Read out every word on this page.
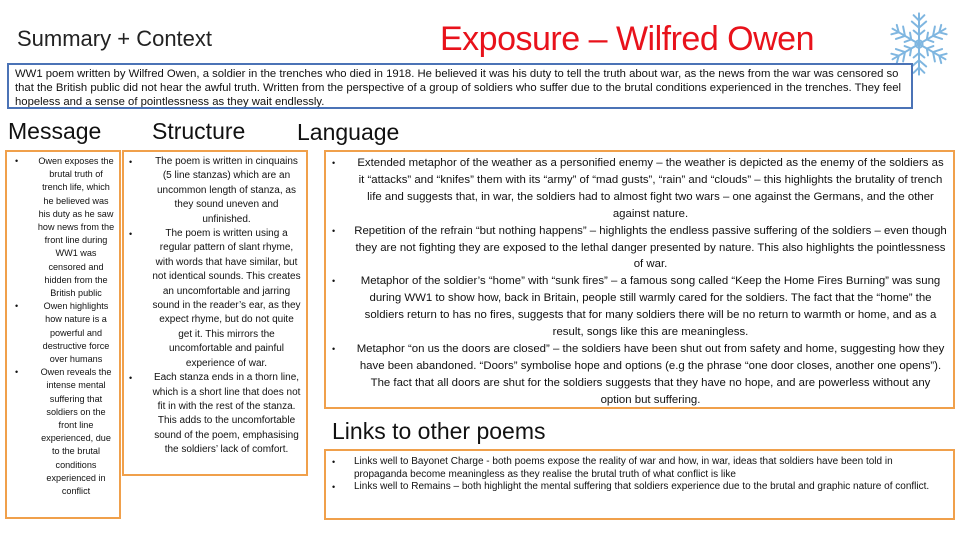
Summary + Context	Exposure – Wilfred Owen
WW1 poem written by Wilfred Owen, a soldier in the trenches who died in 1918. He believed it was his duty to tell the truth about war, as the news from the war was censored so that the British public did not hear the awful truth. Written from the perspective of a group of soldiers who suffer due to the brutal conditions experienced in the trenches. They feel hopeless and a sense of pointlessness as they wait endlessly.
Message Structure Language
Links to other poems
• Owen exposes the brutal truth of trench life, which he believed was his duty as he saw how news from the front line during WW1 was censored and hidden from the British public
•	Owen highlights how nature is a powerful and destructive force over humans
• Owen reveals the intense mental suffering that soldiers on the front line experienced, due to the brutal conditions experienced in conflict
• The poem is written in cinquains (5 line stanzas) which are an uncommon length of stanza, as they sound uneven and unfinished.
•	The poem is written using a regular pattern of slant rhyme, with words that have similar, but not identical sounds. This creates an uncomfortable and jarring sound in the reader’s ear, as they expect rhyme, but do not quite get it. This mirrors the uncomfortable and painful experience of war.
• Each stanza ends in a thorn line, which is a short line that does not fit in with the rest of the stanza. This adds to the uncomfortable sound of the poem, emphasising the soldiers’ lack of comfort.
• Extended metaphor of the weather as a personified enemy – the weather is depicted as the enemy of the soldiers as it “attacks” and “knifes” them with its “army” of “mad gusts”, “rain” and “clouds” – this highlights the brutality of trench life and suggests that, in war, the soldiers had to almost fight two wars – one against the Germans, and the other against nature.
• Repetition of the refrain “but nothing happens” – highlights the endless passive suffering of the soldiers – even though they are not fighting they are exposed to the lethal danger presented by nature. This also highlights the pointlessness of war.
• Metaphor of the soldier’s “home” with “sunk fires” – a famous song called “Keep the Home Fires Burning” was sung during WW1 to show how, back in Britain, people still warmly cared for the soldiers. The fact that the “home” the soldiers return to has no fires, suggests that for many soldiers there will be no return to warmth or home, and as a result, songs like this are meaningless.
• Metaphor “on us the doors are closed” – the soldiers have been shut out from safety and home, suggesting how they have been abandoned. “Doors” symbolise hope and options (e.g the phrase “one door closes, another one opens”). The fact that all doors are shut for the soldiers suggests that they have no hope, and are powerless without any option but suffering.
• Links well to Bayonet Charge - both poems expose the reality of war and how, in war, ideas that soldiers have been told in propaganda become meaningless as they realise the brutal truth of what conflict is like
• Links well to Remains – both highlight the mental suffering that soldiers experience due to the brutal and graphic nature of conflict.
